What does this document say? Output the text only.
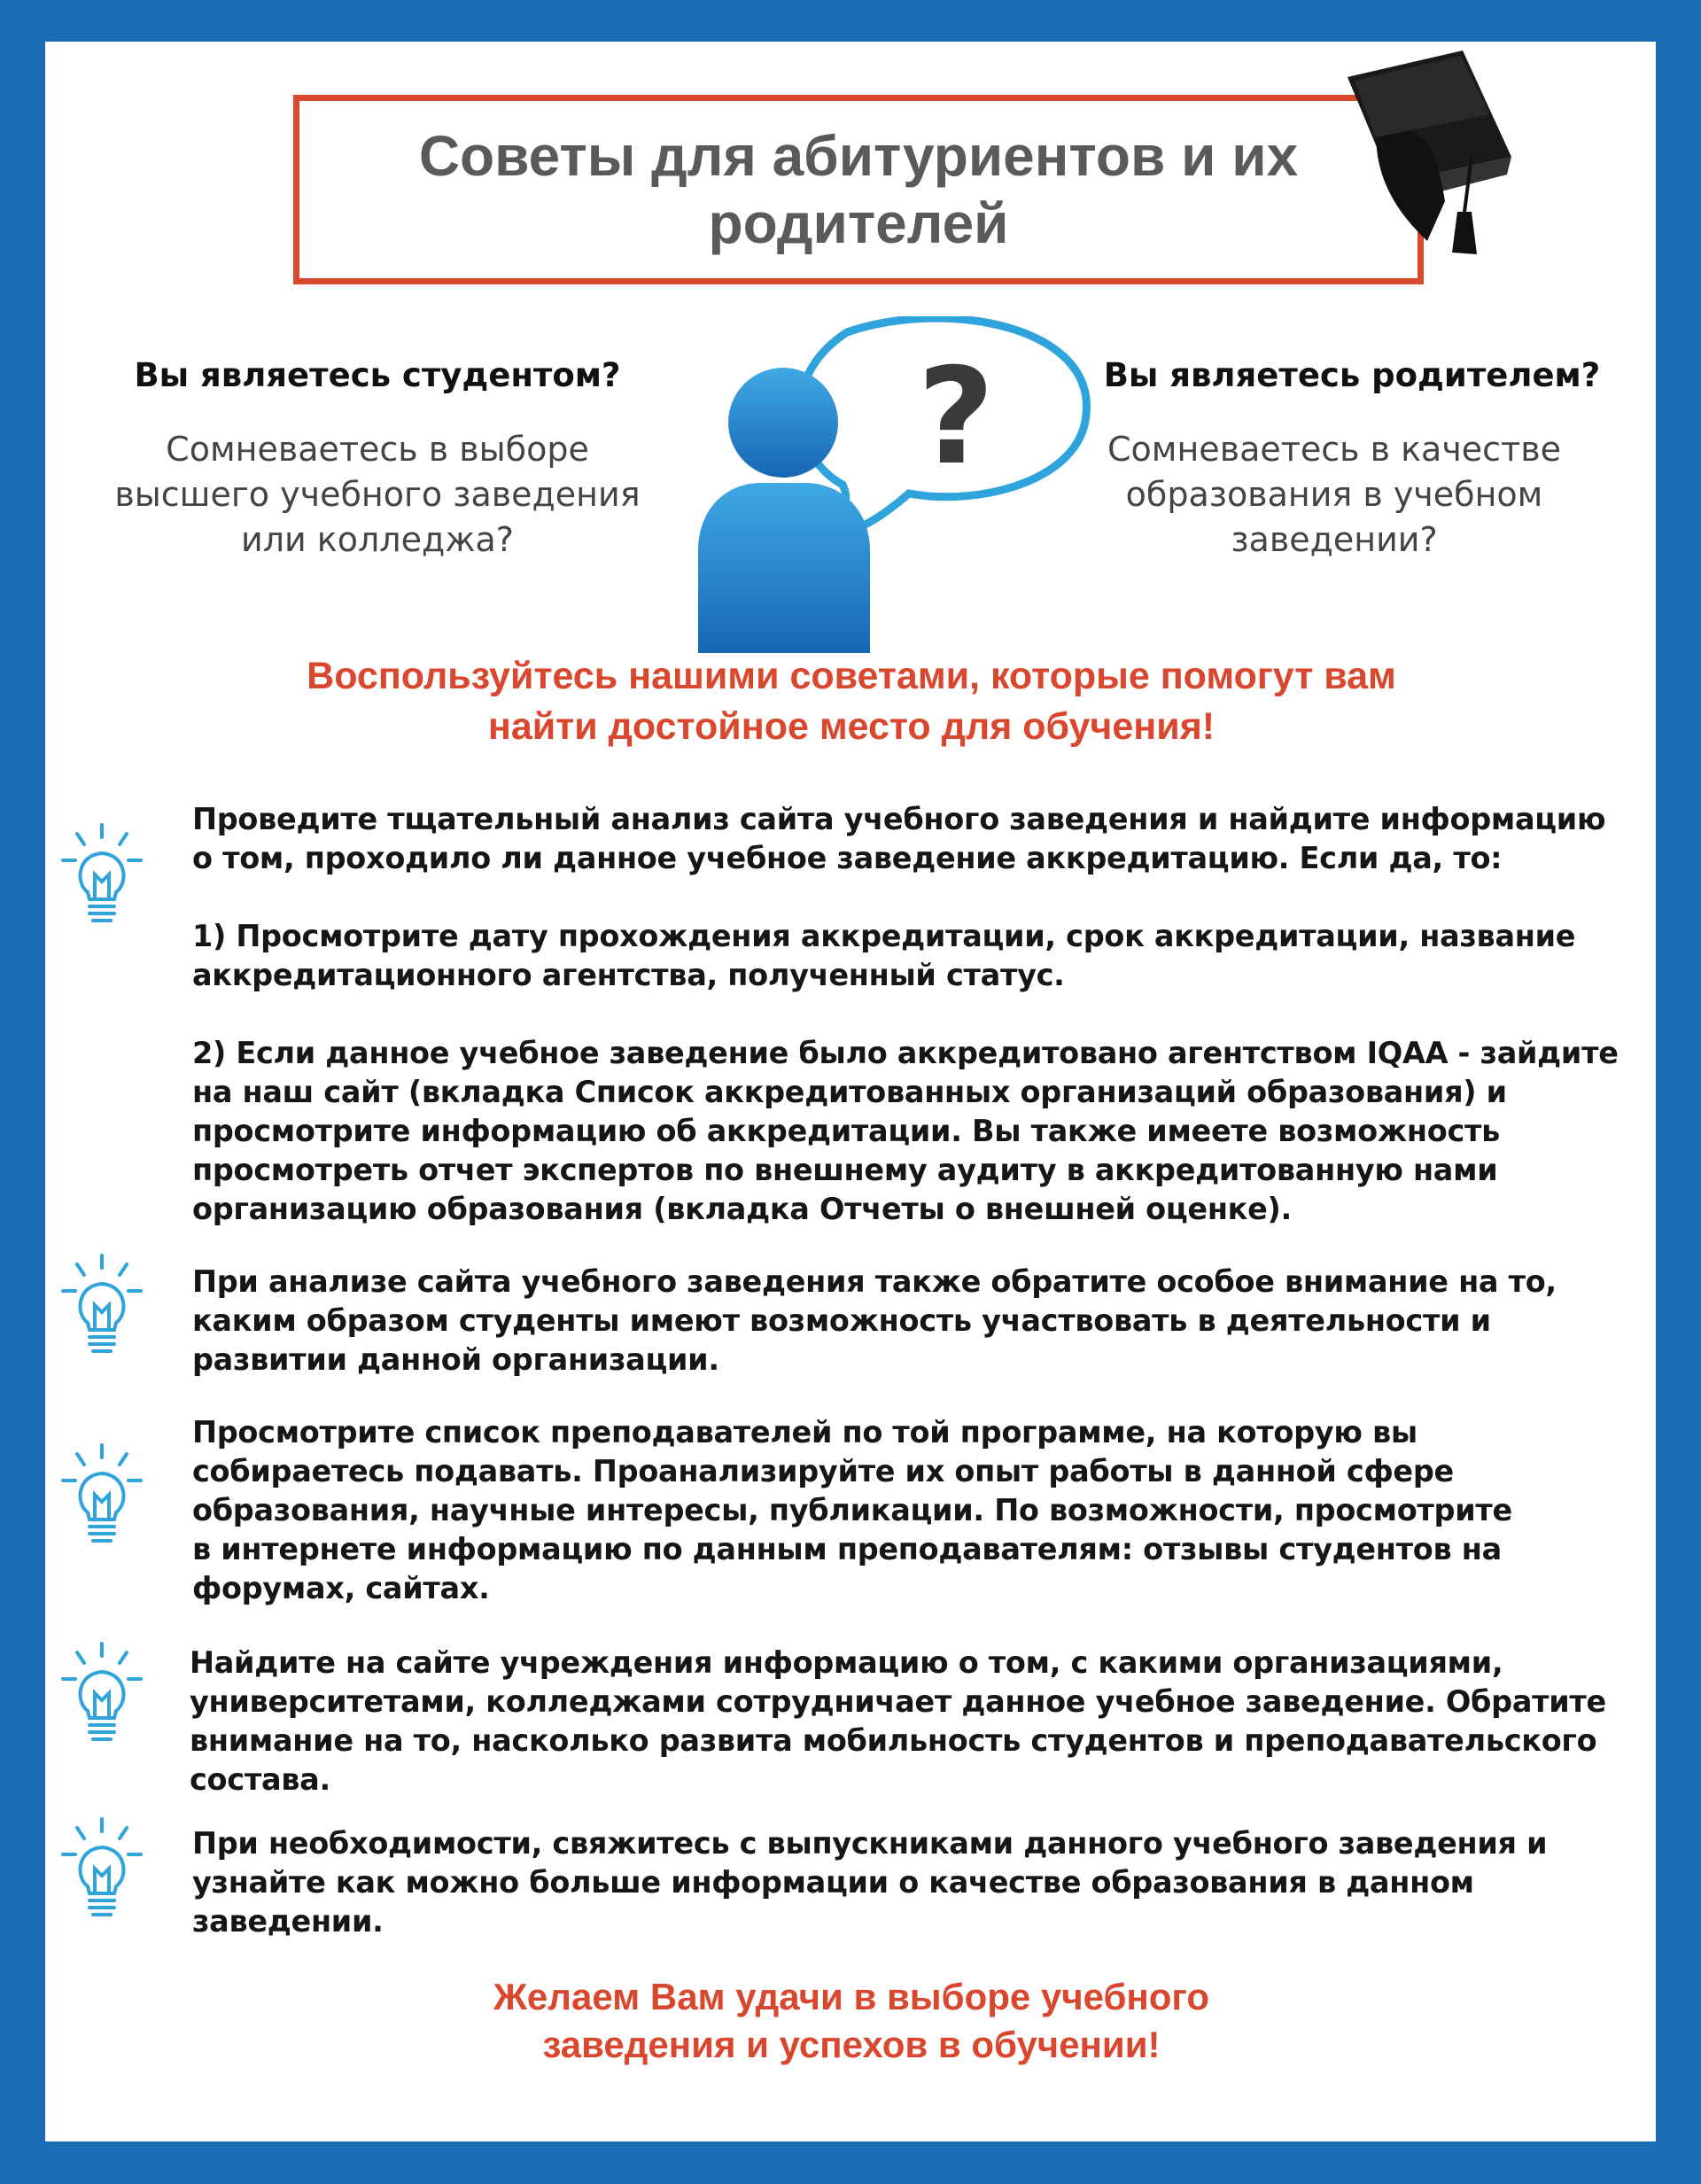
Советы для абитуриентов и их
родителей
Вы являетесь студентом?
Сомневаетесь в выборе
высшего учебного заведения
или колледжа?
?	Вы являетесь родителем?
Сомневаетесь в качестве
образования в учебном
заведении?
Воспользуйтесь нашими советами, которые помогут вам
найти достойное место для обучения!

Проведите тщательный анализ сайта учебного заведения и найдите информацию
о том, проходило ли данное учебное заведение аккредитацию. Если да, то:

1) Просмотрите дату прохождения аккредитации, срок аккредитации, название
аккредитационного агентства, полученный статус.

2) Если данное учебное заведение было аккредитовано агентством IQAA - зайдите
на наш сайт (вкладка Список аккредитованных организаций образования) и
просмотрите информацию об аккредитации. Вы также имеете возможность
просмотреть отчет экспертов по внешнему аудиту в аккредитованную нами
организацию образования (вкладка Отчеты о внешней оценке).

При анализе сайта учебного заведения также обратите особое внимание на то,
каким образом студенты имеют возможность участвовать в деятельности и
развитии данной организации.

Просмотрите список преподавателей по той программе, на которую вы
собираетесь подавать. Проанализируйте их опыт работы в данной сфере
образования, научные интересы, публикации. По возможности, просмотрите
в интернете информацию по данным преподавателям: отзывы студентов на
форумах, сайтах.

Найдите на сайте учреждения информацию о том, с какими организациями,
университетами, колледжами сотрудничает данное учебное заведение. Обратите
внимание на то, насколько развита мобильность студентов и преподавательского
состава.

При необходимости, свяжитесь с выпускниками данного учебного заведения и
узнайте как можно больше информации о качестве образования в данном
заведении.

Желаем Вам удачи в выборе учебного
заведения и успехов в обучении!
